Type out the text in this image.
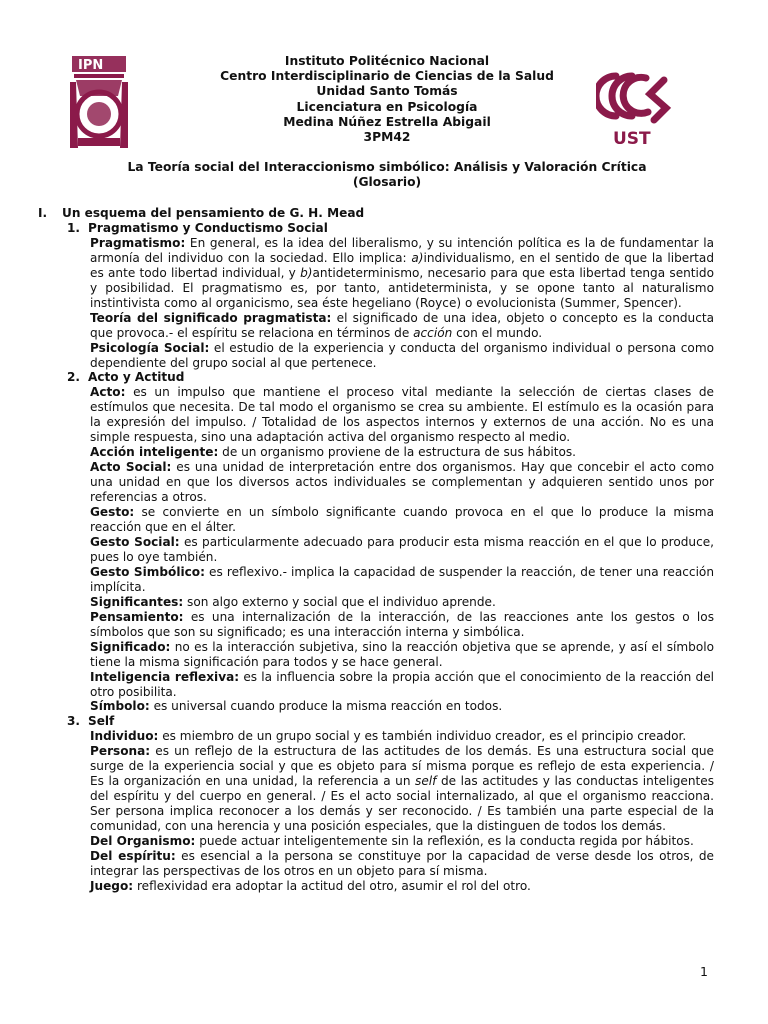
IPN	Instituto Politécnico Nacional
Centro Interdisciplinario de Ciencias de la Salud
Unidad Santo Tomás
Licenciatura en Psicología
Medina Núñez Estrella Abigail
3PM42	UST
La Teoría social del Interaccionismo simbólico: Análisis y Valoración Crítica
(Glosario)
I.	Un esquema del pensamiento de G. H. Mead
1. Pragmatismo y Conductismo Social
Pragmatismo: En general, es la idea del liberalismo, y su intención política es la de fundamentar la armonía del individuo con la sociedad. Ello implica: a)individualismo, en el sentido de que la libertad es ante todo libertad individual, y b)antideterminismo, necesario para que esta libertad tenga sentido y posibilidad. El pragmatismo es, por tanto, antideterminista, y se opone tanto al naturalismo instintivista como al organicismo, sea éste hegeliano (Royce) o evolucionista (Summer, Spencer).
Teoría del significado pragmatista: el significado de una idea, objeto o concepto es la conducta que provoca.- el espíritu se relaciona en términos de acción con el mundo.
Psicología Social: el estudio de la experiencia y conducta del organismo individual o persona como dependiente del grupo social al que pertenece.
2. Acto y Actitud
Acto: es un impulso que mantiene el proceso vital mediante la selección de ciertas clases de estímulos que necesita. De tal modo el organismo se crea su ambiente. El estímulo es la ocasión para la expresión del impulso. / Totalidad de los aspectos internos y externos de una acción. No es una simple respuesta, sino una adaptación activa del organismo respecto al medio.
Acción inteligente: de un organismo proviene de la estructura de sus hábitos.
Acto Social: es una unidad de interpretación entre dos organismos. Hay que concebir el acto como una unidad en que los diversos actos individuales se complementan y adquieren sentido unos por referencias a otros.
Gesto: se convierte en un símbolo significante cuando provoca en el que lo produce la misma reacción que en el álter.
Gesto Social: es particularmente adecuado para producir esta misma reacción en el que lo produce, pues lo oye también.
Gesto Simbólico: es reflexivo.- implica la capacidad de suspender la reacción, de tener una reacción implícita.
Significantes: son algo externo y social que el individuo aprende.
Pensamiento: es una internalización de la interacción, de las reacciones ante los gestos o los símbolos que son su significado; es una interacción interna y simbólica.
Significado: no es la interacción subjetiva, sino la reacción objetiva que se aprende, y así el símbolo tiene la misma significación para todos y se hace general.
Inteligencia reflexiva: es la influencia sobre la propia acción que el conocimiento de la reacción del otro posibilita.
Símbolo: es universal cuando produce la misma reacción en todos.
3. Self
Individuo: es miembro de un grupo social y es también individuo creador, es el principio creador.
Persona: es un reflejo de la estructura de las actitudes de los demás. Es una estructura social que surge de la experiencia social y que es objeto para sí misma porque es reflejo de esta experiencia. / Es la organización en una unidad, la referencia a un self de las actitudes y las conductas inteligentes del espíritu y del cuerpo en general. / Es el acto social internalizado, al que el organismo reacciona. Ser persona implica reconocer a los demás y ser reconocido. / Es también una parte especial de la comunidad, con una herencia y una posición especiales, que la distinguen de todos los demás.
Del Organismo: puede actuar inteligentemente sin la reflexión, es la conducta regida por hábitos.
Del espíritu: es esencial a la persona se constituye por la capacidad de verse desde los otros, de integrar las perspectivas de los otros en un objeto para sí misma.
Juego: reflexividad era adoptar la actitud del otro, asumir el rol del otro.
1
